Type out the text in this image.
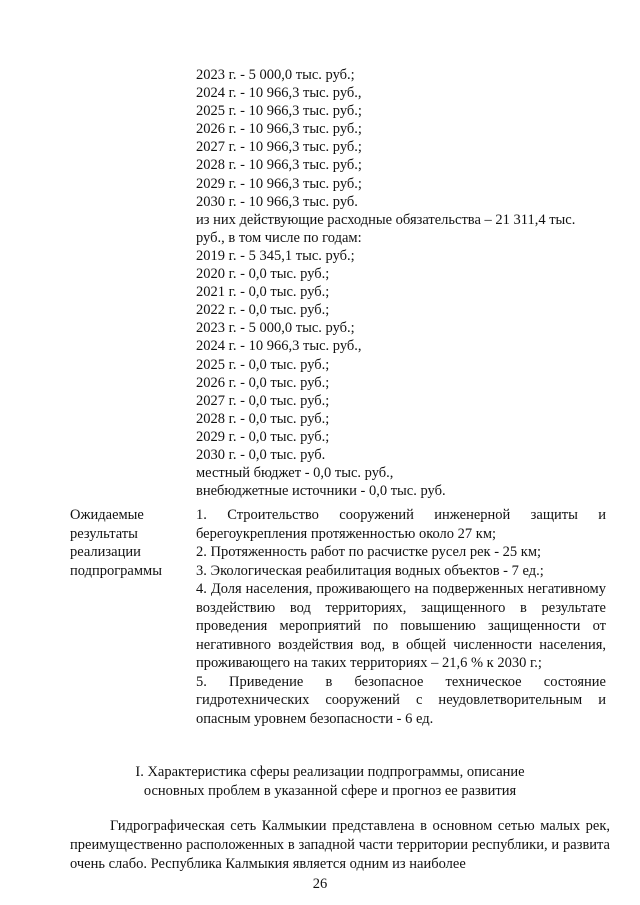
2023 г. - 5 000,0 тыс. руб.;
2024 г. - 10 966,3 тыс. руб.,
2025 г. - 10 966,3 тыс. руб.;
2026 г. - 10 966,3 тыс. руб.;
2027 г. - 10 966,3 тыс. руб.;
2028 г. - 10 966,3 тыс. руб.;
2029 г. - 10 966,3 тыс. руб.;
2030 г. - 10 966,3 тыс. руб.
из них действующие расходные обязательства – 21 311,4 тыс.
руб., в том числе по годам:
2019 г. - 5 345,1 тыс. руб.;
2020 г. - 0,0 тыс. руб.;
2021 г. - 0,0 тыс. руб.;
2022 г. - 0,0 тыс. руб.;
2023 г. - 5 000,0 тыс. руб.;
2024 г. - 10 966,3 тыс. руб.,
2025 г. - 0,0 тыс. руб.;
2026 г. - 0,0 тыс. руб.;
2027 г. - 0,0 тыс. руб.;
2028 г. - 0,0 тыс. руб.;
2029 г. - 0,0 тыс. руб.;
2030 г. - 0,0 тыс. руб.
местный бюджет - 0,0 тыс. руб.,
внебюджетные источники - 0,0 тыс. руб.
Ожидаемые результаты реализации подпрограммы
1. Строительство сооружений инженерной защиты и берегоукрепления протяженностью около 27 км;
2. Протяженность работ по расчистке русел рек - 25 км;
3. Экологическая реабилитация водных объектов - 7 ед.;
4. Доля населения, проживающего на подверженных негативному воздействию вод территориях, защищенного в результате проведения мероприятий по повышению защищенности от негативного воздействия вод, в общей численности населения, проживающего на таких территориях – 21,6 % к 2030 г.;
5. Приведение в безопасное техническое состояние гидротехнических сооружений с неудовлетворительным и опасным уровнем безопасности - 6 ед.
I. Характеристика сферы реализации подпрограммы, описание основных проблем в указанной сфере и прогноз ее развития
Гидрографическая сеть Калмыкии представлена в основном сетью малых рек, преимущественно расположенных в западной части территории республики, и развита очень слабо. Республика Калмыкия является одним из наиболее
26
